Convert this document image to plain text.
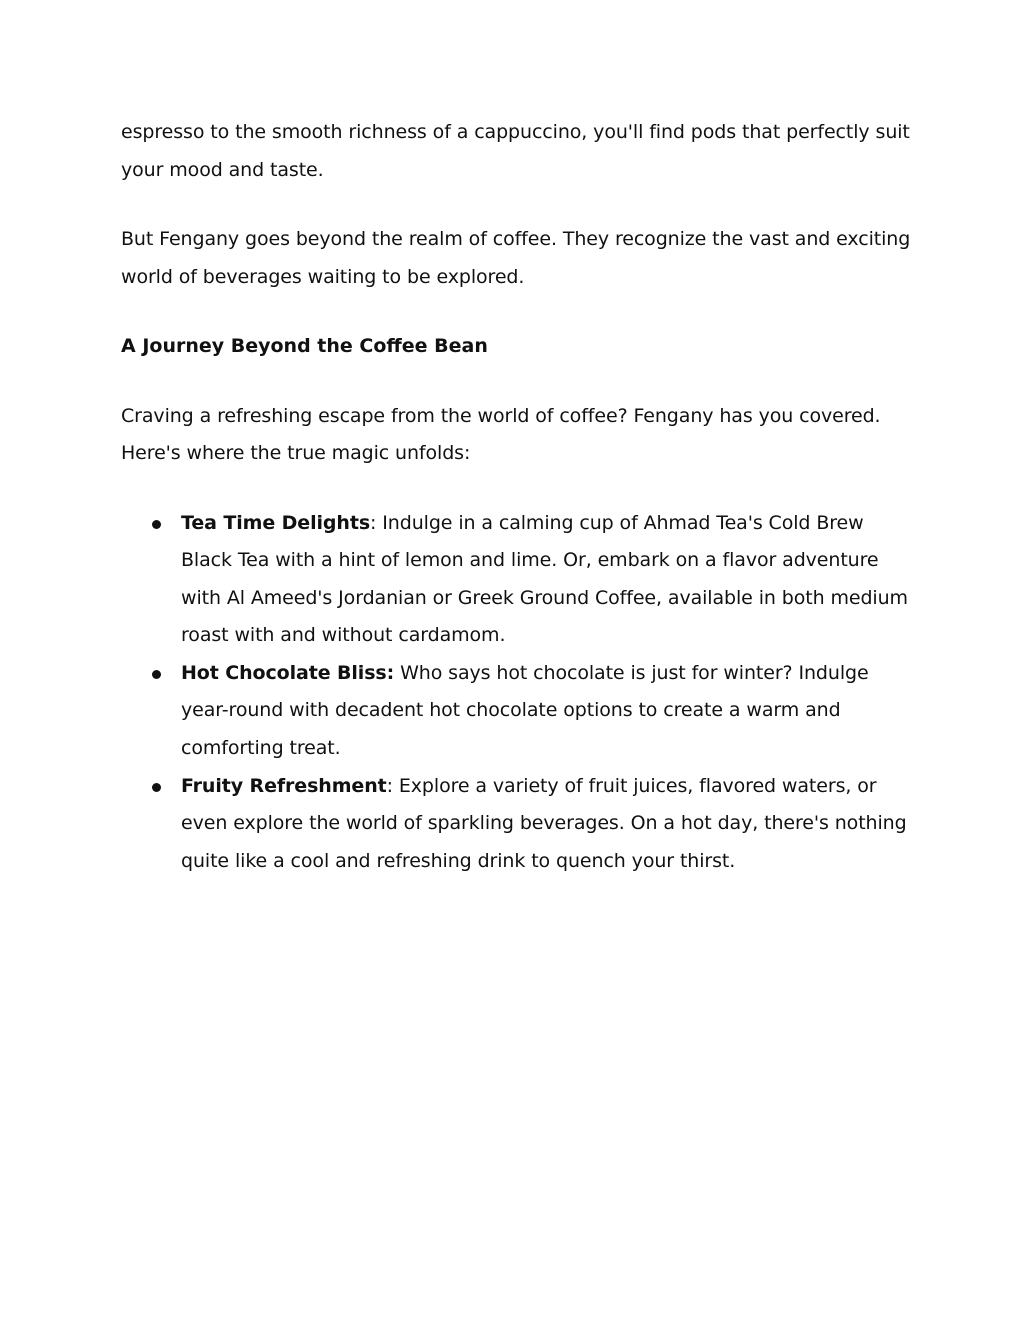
espresso to the smooth richness of a cappuccino, you'll find pods that perfectly suit your mood and taste.

But Fengany goes beyond the realm of coffee. They recognize the vast and exciting world of beverages waiting to be explored.

A Journey Beyond the Coffee Bean

Craving a refreshing escape from the world of coffee? Fengany has you covered. Here's where the true magic unfolds:

Tea Time Delights: Indulge in a calming cup of Ahmad Tea's Cold Brew Black Tea with a hint of lemon and lime. Or, embark on a flavor adventure with Al Ameed's Jordanian or Greek Ground Coffee, available in both medium roast with and without cardamom.
Hot Chocolate Bliss: Who says hot chocolate is just for winter? Indulge year-round with decadent hot chocolate options to create a warm and comforting treat.
Fruity Refreshment: Explore a variety of fruit juices, flavored waters, or even explore the world of sparkling beverages. On a hot day, there's nothing quite like a cool and refreshing drink to quench your thirst.
